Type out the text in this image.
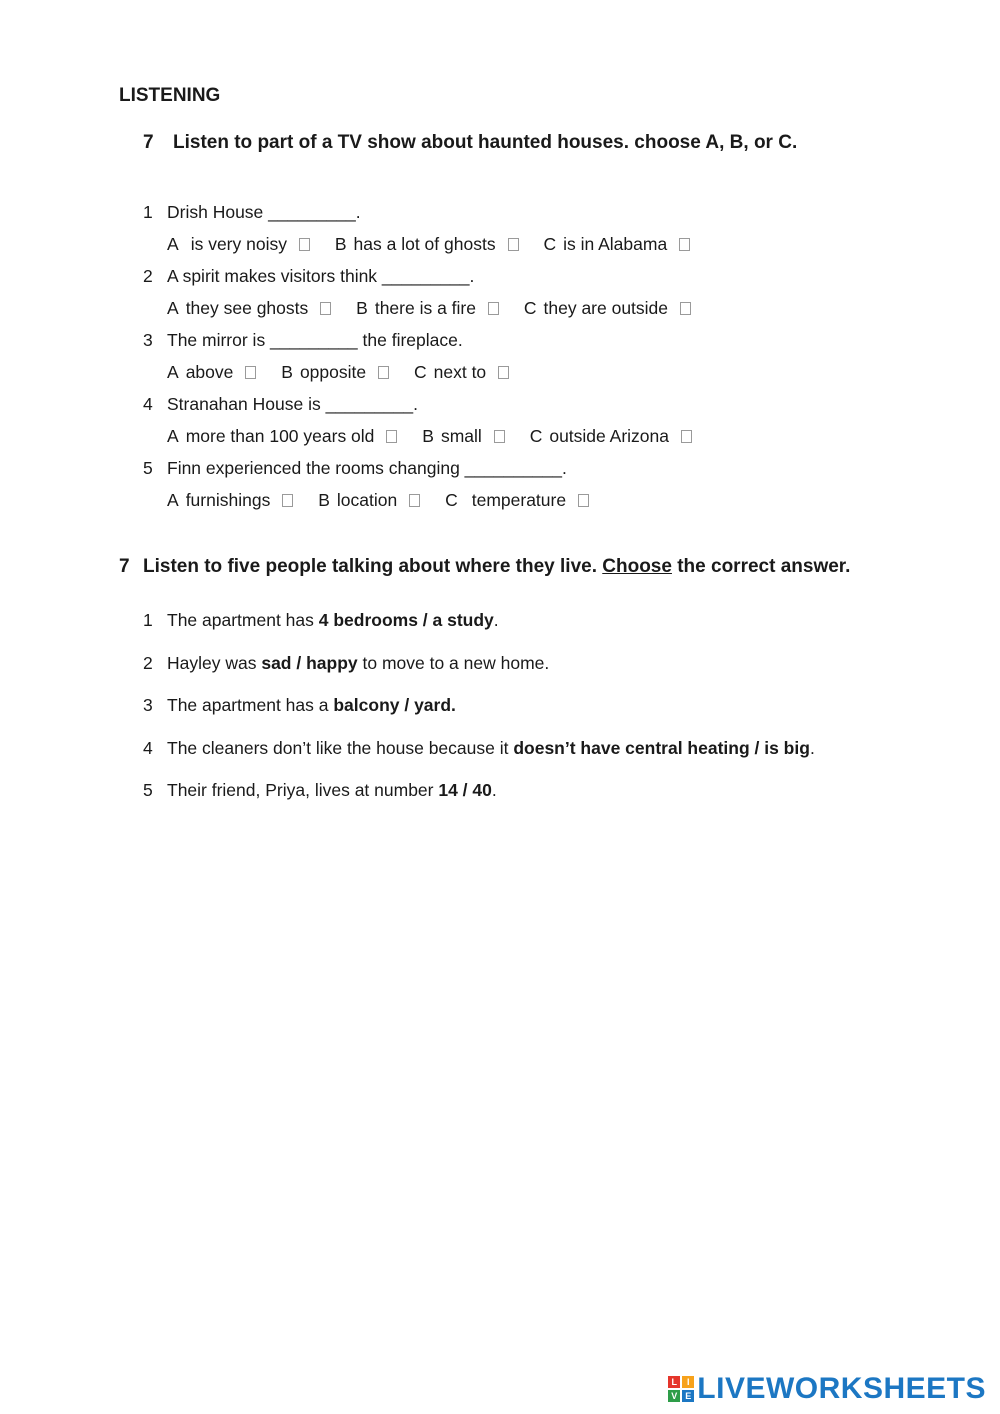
LISTENING
7 Listen to part of a TV show about haunted houses. choose A, B, or C.
1 Drish House _________.
A is very noisy	B has a lot of ghosts	C is in Alabama
2 A spirit makes visitors think _________.
A they see ghosts	B there is a fire	C they are outside
3 The mirror is _________ the fireplace.
A above	B opposite	C next to
4 Stranahan House is _________.
A more than 100 years old	B small	C outside Arizona
5 Finn experienced the rooms changing __________.
A furnishings	B location	C temperature
7 Listen to five people talking about where they live. Choose the correct answer.
1 The apartment has 4 bedrooms / a study.
2 Hayley was sad / happy to move to a new home.
3 The apartment has a balcony / yard.
4 The cleaners don’t like the house because it doesn’t have central heating / is big.
5 Their friend, Priya, lives at number 14 / 40.
L	I
V E LIVEWORKSHEETS
